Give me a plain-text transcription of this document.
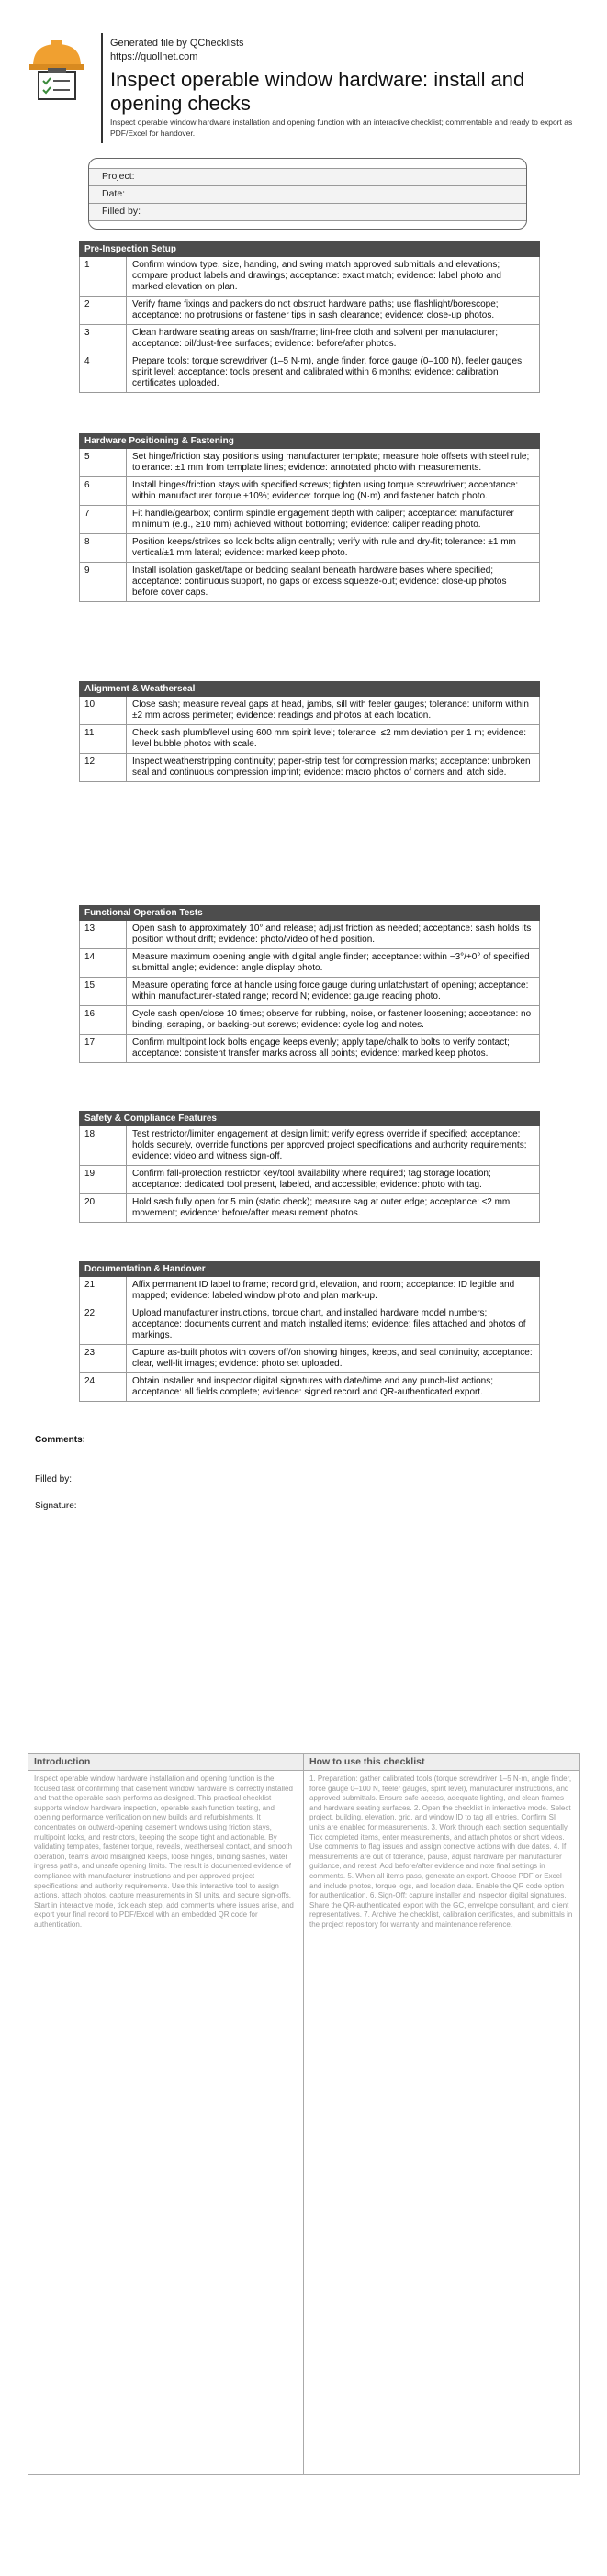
Generated file by QChecklists
https://quollnet.com
Inspect operable window hardware: install and opening checks
Inspect operable window hardware installation and opening function with an interactive checklist; commentable and ready to export as PDF/Excel for handover.
Project:
Date:
Filled by:
Pre-Inspection Setup
1	Confirm window type, size, handing, and swing match approved submittals and elevations; compare product labels and drawings; acceptance: exact match; evidence: label photo and marked elevation on plan.
2	Verify frame fixings and packers do not obstruct hardware paths; use flashlight/borescope; acceptance: no protrusions or fastener tips in sash clearance; evidence: close-up photos.
3	Clean hardware seating areas on sash/frame; lint-free cloth and solvent per manufacturer; acceptance: oil/dust-free surfaces; evidence: before/after photos.
4	Prepare tools: torque screwdriver (1–5 N·m), angle finder, force gauge (0–100 N), feeler gauges, spirit level; acceptance: tools present and calibrated within 6 months; evidence: calibration certificates uploaded.
Hardware Positioning & Fastening
5	Set hinge/friction stay positions using manufacturer template; measure hole offsets with steel rule; tolerance: ±1 mm from template lines; evidence: annotated photo with measurements.
6	Install hinges/friction stays with specified screws; tighten using torque screwdriver; acceptance: within manufacturer torque ±10%; evidence: torque log (N·m) and fastener batch photo.
7	Fit handle/gearbox; confirm spindle engagement depth with caliper; acceptance: manufacturer minimum (e.g., ≥10 mm) achieved without bottoming; evidence: caliper reading photo.
8	Position keeps/strikes so lock bolts align centrally; verify with rule and dry-fit; tolerance: ±1 mm vertical/±1 mm lateral; evidence: marked keep photo.
9	Install isolation gasket/tape or bedding sealant beneath hardware bases where specified; acceptance: continuous support, no gaps or excess squeeze-out; evidence: close-up photos before cover caps.
Alignment & Weatherseal
10	Close sash; measure reveal gaps at head, jambs, sill with feeler gauges; tolerance: uniform within ±2 mm across perimeter; evidence: readings and photos at each location.
11	Check sash plumb/level using 600 mm spirit level; tolerance: ≤2 mm deviation per 1 m; evidence: level bubble photos with scale.
12	Inspect weatherstripping continuity; paper-strip test for compression marks; acceptance: unbroken seal and continuous compression imprint; evidence: macro photos of corners and latch side.
Functional Operation Tests
13	Open sash to approximately 10° and release; adjust friction as needed; acceptance: sash holds its position without drift; evidence: photo/video of held position.
14	Measure maximum opening angle with digital angle finder; acceptance: within −3°/+0° of specified submittal angle; evidence: angle display photo.
15	Measure operating force at handle using force gauge during unlatch/start of opening; acceptance: within manufacturer-stated range; record N; evidence: gauge reading photo.
16	Cycle sash open/close 10 times; observe for rubbing, noise, or fastener loosening; acceptance: no binding, scraping, or backing-out screws; evidence: cycle log and notes.
17	Confirm multipoint lock bolts engage keeps evenly; apply tape/chalk to bolts to verify contact; acceptance: consistent transfer marks across all points; evidence: marked keep photos.
Safety & Compliance Features
18	Test restrictor/limiter engagement at design limit; verify egress override if specified; acceptance: holds securely, override functions per approved project specifications and authority requirements; evidence: video and witness sign-off.
19	Confirm fall-protection restrictor key/tool availability where required; tag storage location; acceptance: dedicated tool present, labeled, and accessible; evidence: photo with tag.
20	Hold sash fully open for 5 min (static check); measure sag at outer edge; acceptance: ≤2 mm movement; evidence: before/after measurement photos.
Documentation & Handover
21	Affix permanent ID label to frame; record grid, elevation, and room; acceptance: ID legible and mapped; evidence: labeled window photo and plan mark-up.
22	Upload manufacturer instructions, torque chart, and installed hardware model numbers; acceptance: documents current and match installed items; evidence: files attached and photos of markings.
23	Capture as-built photos with covers off/on showing hinges, keeps, and seal continuity; acceptance: clear, well-lit images; evidence: photo set uploaded.
24	Obtain installer and inspector digital signatures with date/time and any punch-list actions; acceptance: all fields complete; evidence: signed record and QR-authenticated export.
Comments:
Filled by:
Signature:
Introduction
Inspect operable window hardware installation and opening function is the focused task of confirming that casement window hardware is correctly installed and that the operable sash performs as designed. This practical checklist supports window hardware inspection, operable sash function testing, and opening performance verification on new builds and refurbishments. It concentrates on outward-opening casement windows using friction stays, multipoint locks, and restrictors, keeping the scope tight and actionable. By validating templates, fastener torque, reveals, weatherseal contact, and smooth operation, teams avoid misaligned keeps, loose hinges, binding sashes, water ingress paths, and unsafe opening limits. The result is documented evidence of compliance with manufacturer instructions and per approved project specifications and authority requirements. Use this interactive tool to assign actions, attach photos, capture measurements in SI units, and secure sign-offs. Start in interactive mode, tick each step, add comments where issues arise, and export your final record to PDF/Excel with an embedded QR code for authentication.
How to use this checklist
1. Preparation: gather calibrated tools (torque screwdriver 1–5 N·m, angle finder, force gauge 0–100 N, feeler gauges, spirit level), manufacturer instructions, and approved submittals. Ensure safe access, adequate lighting, and clean frames and hardware seating surfaces. 2. Open the checklist in interactive mode. Select project, building, elevation, grid, and window ID to tag all entries. Confirm SI units are enabled for measurements. 3. Work through each section sequentially. Tick completed items, enter measurements, and attach photos or short videos. Use comments to flag issues and assign corrective actions with due dates. 4. If measurements are out of tolerance, pause, adjust hardware per manufacturer guidance, and retest. Add before/after evidence and note final settings in comments. 5. When all items pass, generate an export. Choose PDF or Excel and include photos, torque logs, and location data. Enable the QR code option for authentication. 6. Sign-Off: capture installer and inspector digital signatures. Share the QR-authenticated export with the GC, envelope consultant, and client representatives. 7. Archive the checklist, calibration certificates, and submittals in the project repository for warranty and maintenance reference.
